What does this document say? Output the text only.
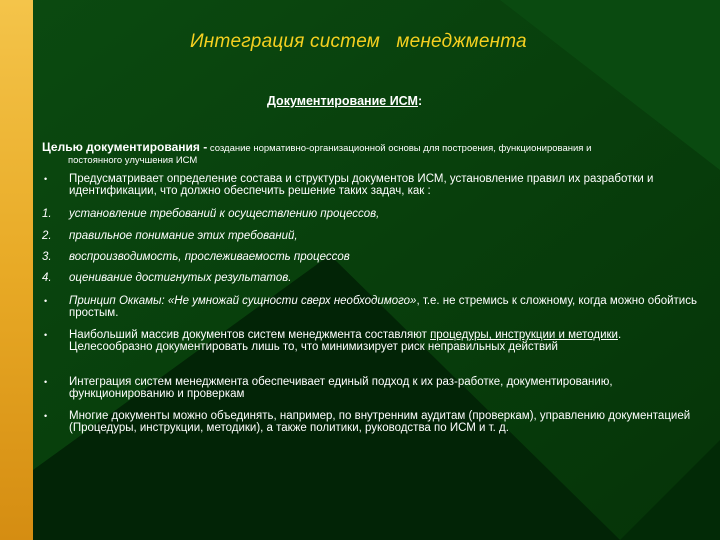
Интеграция систем   менеджмента
Документирование ИСМ:
Целью документирования - создание нормативно-организационной основы для построения, функционирования и
постоянного улучшения ИСМ
• Предусматривает определение состава и структуры документов ИСМ, установление правил их разработки и идентификации, что должно обеспечить решение таких задач, как :
1. установление требований к осуществлению процессов,
2. правильное понимание этих требований,
3. воспроизводимость, прослеживаемость процессов
4. оценивание достигнутых результатов.
• Принцип Оккамы: «Не умножай сущности сверх необходимого», т.е. не стремись к сложному, когда можно обойтись простым.
• Наибольший массив документов систем менеджмента составляют процедуры, инструкции и методики. Целесообразно документировать лишь то, что минимизирует риск неправильных действий
• Интеграция систем менеджмента обеспечивает единый подход к их раз-работке, документированию, функционированию и проверкам
• Многие документы можно объединять, например, по внутренним аудитам (проверкам), управлению документацией (Процедуры, инструкции, методики), а также политики, руководства по ИСМ и т. д.
